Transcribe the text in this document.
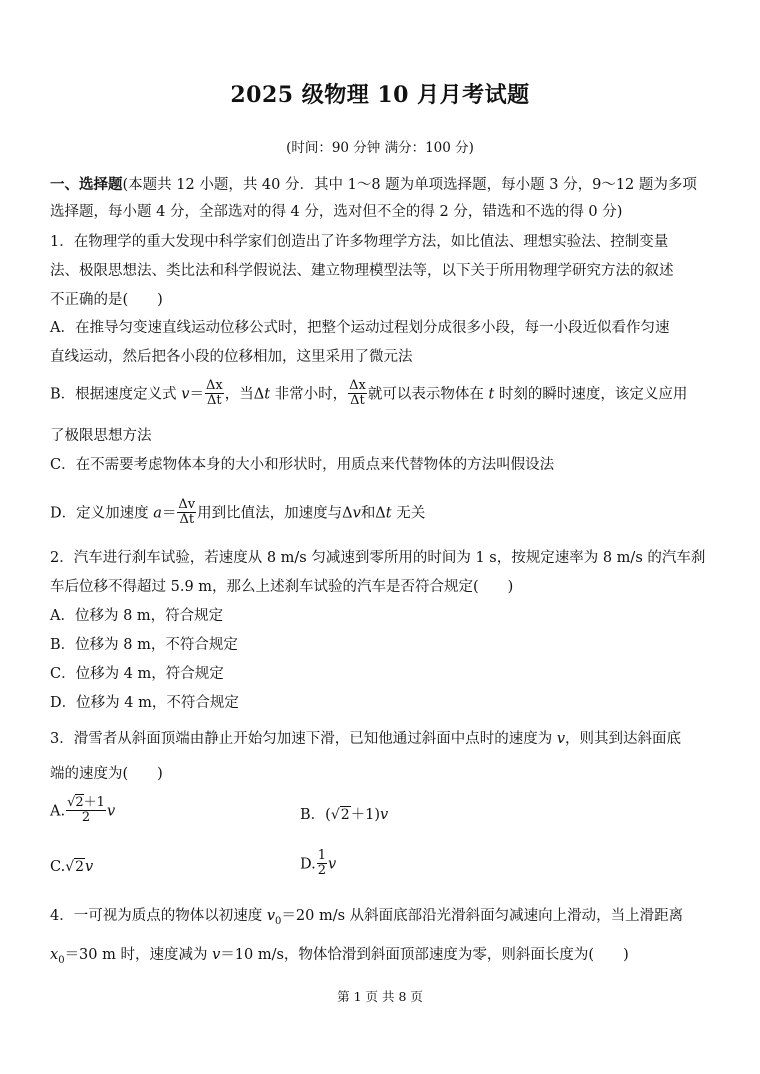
2025 级物理 10 月月考试题
(时间：90 分钟 满分：100 分)
一、选择题(本题共 12 小题，共 40 分．其中 1～8 题为单项选择题，每小题 3 分，9～12 题为多项
选择题，每小题 4 分，全部选对的得 4 分，选对但不全的得 2 分，错选和不选的得 0 分)
1．在物理学的重大发现中科学家们创造出了许多物理学方法，如比值法、理想实验法、控制变量
法、极限思想法、类比法和科学假说法、建立物理模型法等，以下关于所用物理学研究方法的叙述
不正确的是(　　)
A．在推导匀变速直线运动位移公式时，把整个运动过程划分成很多小段，每一小段近似看作匀速
直线运动，然后把各小段的位移相加，这里采用了微元法
B．根据速度定义式 $v= \frac{\Delta x}{\Delta t}$ ，当Δt 非常小时， $\frac{\Delta x}{\Delta t}$ 就可以表示物体在 t 时刻的瞬时速度，该定义应用
了极限思想方法
C．在不需要考虑物体本身的大小和形状时，用质点来代替物体的方法叫假设法
D．定义加速度 $a= \frac{\Delta v}{\Delta t}$ 用到比值法，加速度与Δv和Δt 无关
2．汽车进行刹车试验，若速度从 8 m/s 匀减速到零所用的时间为 1 s，按规定速率为 8 m/s 的汽车刹
车后位移不得超过 5.9 m，那么上述刹车试验的汽车是否符合规定(　　)
A．位移为 8 m，符合规定
B．位移为 8 m，不符合规定
C．位移为 4 m，符合规定
D．位移为 4 m，不符合规定
3．滑雪者从斜面顶端由静止开始匀加速下滑，已知他通过斜面中点时的速度为 v，则其到达斜面底
端的速度为(　　)
A. $\frac{√2+1}{2}$ v	B．(√2＋1)v
C.√2v	D. $\frac{1}{2}$ v
4．一可视为质点的物体以初速度 $v_0=20$ m/s 从斜面底部沿光滑斜面匀减速向上滑动，当上滑距离
$x_0=30$ m 时，速度减为 v＝10 m/s，物体恰滑到斜面顶部速度为零，则斜面长度为(　　)
第 1 页 共 8 页
